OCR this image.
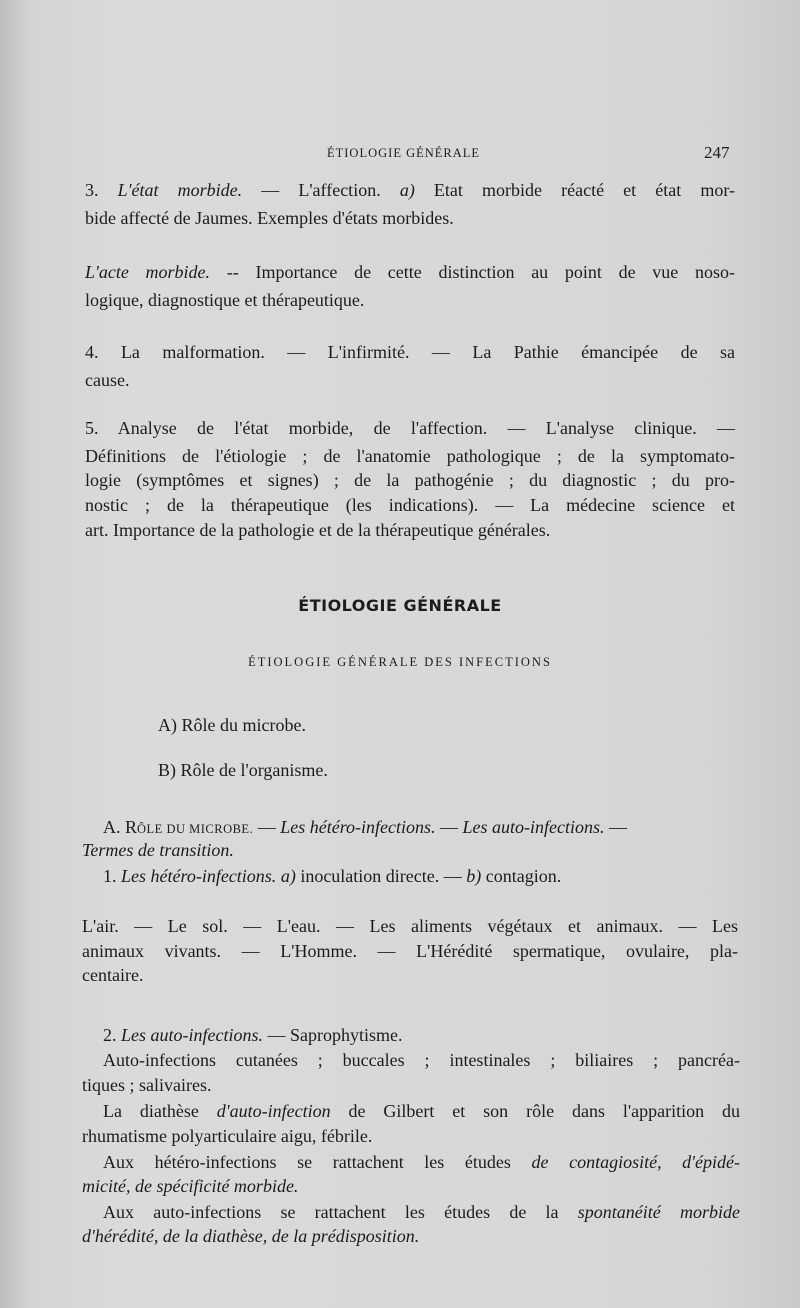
ÉTIOLOGIE GÉNÉRALE	247
3. L'état morbide. — L'affection. a) Etat morbide réacté et état mor-
bide affecté de Jaumes. Exemples d'états morbides.
L'acte morbide. -- Importance de cette distinction au point de vue noso-
logique, diagnostique et thérapeutique.
4. La malformation. — L'infirmité. — La Pathie émancipée de sa
cause.
5. Analyse de l'état morbide, de l'affection. — L'analyse clinique. —
Définitions de l'étiologie ; de l'anatomie pathologique ; de la symptomato-
logie (symptômes et signes) ; de la pathogénie ; du diagnostic ; du pro-
nostic ; de la thérapeutique (les indications). — La médecine science et
art. Importance de la pathologie et de la thérapeutique générales.
ÉTIOLOGIE GÉNÉRALE
ÉTIOLOGIE GÉNÉRALE DES INFECTIONS
A) Rôle du microbe.
B) Rôle de l'organisme.
A. RÔLE DU MICROBE. — Les hétéro-infections. — Les auto-infections. —
Termes de transition.
1. Les hétéro-infections. a) inoculation directe. — b) contagion.
L'air. — Le sol. — L'eau. — Les aliments végétaux et animaux. — Les
animaux vivants. — L'Homme. — L'Hérédité spermatique, ovulaire, pla-
centaire.
2. Les auto-infections. — Saprophytisme.
Auto-infections cutanées ; buccales ; intestinales ; biliaires ; pancréa-
tiques ; salivaires.
La diathèse d'auto-infection de Gilbert et son rôle dans l'apparition du
rhumatisme polyarticulaire aigu, fébrile.
Aux hétéro-infections se rattachent les études de contagiosité, d'épidé-
micité, de spécificité morbide.
Aux auto-infections se rattachent les études de la spontanéité morbide
d'hérédité, de la diathèse, de la prédisposition.
